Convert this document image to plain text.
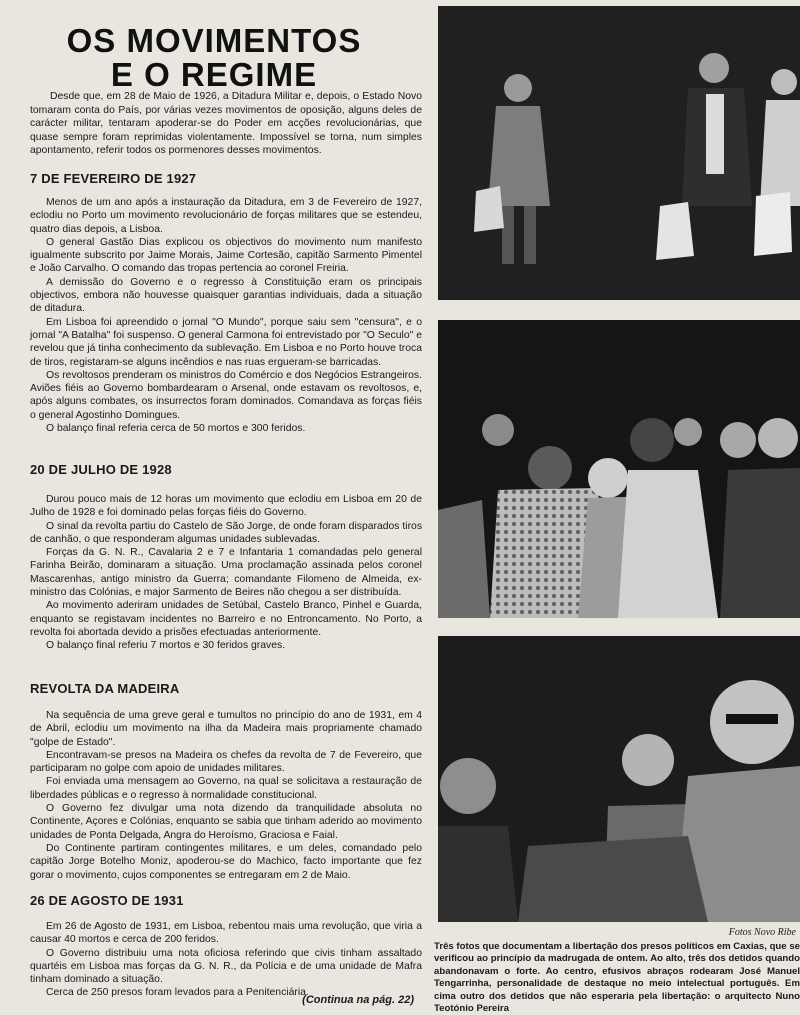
OS MOVIMENTOS
E O REGIME

Desde que, em 28 de Maio de 1926, a Ditadura Militar e, depois, o Estado Novo tomaram conta do País, por várias vezes movimentos de oposição, alguns deles de carácter militar, tentaram apoderar-se do Poder em acções revolucionárias, que quase sempre foram reprimidas violentamente. Impossível se torna, num simples apontamento, referir todos os pormenores desses movimentos.

7 DE FEVEREIRO DE 1927

Menos de um ano após a instauração da Ditadura, em 3 de Fevereiro de 1927, eclodiu no Porto um movimento revolucionário de forças militares que se estendeu, quatro dias depois, a Lisboa.

O general Gastão Dias explicou os objectivos do movimento num manifesto igualmente subscrito por Jaime Morais, Jaime Cortesão, capitão Sarmento Pimentel e João Carvalho. O comando das tropas pertencia ao coronel Freiria.

A demissão do Governo e o regresso à Constituição eram os principais objectivos, embora não houvesse quaisquer garantias individuais, dada a situação de ditadura.

Em Lisboa foi apreendido o jornal "O Mundo", porque saiu sem "censura", e o jornal "A Batalha" foi suspenso. O general Carmona foi entrevistado por "O Seculo" e revelou que já tinha conhecimento da sublevação. Em Lisboa e no Porto houve troca de tiros, registaram-se alguns incêndios e nas ruas ergueram-se barricadas.

Os revoltosos prenderam os ministros do Comércio e dos Negócios Estrangeiros. Aviões fiéis ao Governo bombardearam o Arsenal, onde estavam os revoltosos, e, após alguns combates, os insurrectos foram dominados. Comandava as forças fiéis o general Agostinho Domingues.

O balanço final referia cerca de 50 mortos e 300 feridos.

20 DE JULHO DE 1928

Durou pouco mais de 12 horas um movimento que eclodiu em Lisboa em 20 de Julho de 1928 e foi dominado pelas forças fiéis do Governo.

O sinal da revolta partiu do Castelo de São Jorge, de onde foram disparados tiros de canhão, o que responderam algumas unidades sublevadas.

Forças da G. N. R., Cavalaria 2 e 7 e Infantaria 1 comandadas pelo general Farinha Beirão, dominaram a situação. Uma proclamação assinada pelos coronel Mascarenhas, antigo ministro da Guerra; comandante Filomeno de Almeida, ex-ministro das Colónias, e major Sarmento de Beires não chegou a ser distribuída.

Ao movimento aderiram unidades de Setúbal, Castelo Branco, Pinhel e Guarda, enquanto se registavam incidentes no Barreiro e no Entroncamento. No Porto, a revolta foi abortada devido a prisões efectuadas anteriormente.

O balanço final referiu 7 mortos e 30 feridos graves.

REVOLTA DA MADEIRA

Na sequência de uma greve geral e tumultos no princípio do ano de 1931, em 4 de Abril, eclodiu um movimento na ilha da Madeira mais propriamente chamado "golpe de Estado".

Encontravam-se presos na Madeira os chefes da revolta de 7 de Fevereiro, que participaram no golpe com apoio de unidades militares.

Foi enviada uma mensagem ao Governo, na qual se solicitava a restauração de liberdades públicas e o regresso à normalidade constitucional.

O Governo fez divulgar uma nota dizendo da tranquilidade absoluta no Continente, Açores e Colónias, enquanto se sabia que tinham aderido ao movimento unidades de Ponta Delgada, Angra do Heroísmo, Graciosa e Faial.

Do Continente partiram contingentes militares, e um deles, comandado pelo capitão Jorge Botelho Moniz, apoderou-se do Machico, facto importante que fez gorar o movimento, cujos componentes se entregaram em 2 de Maio.

26 DE AGOSTO DE 1931

Em 26 de Agosto de 1931, em Lisboa, rebentou mais uma revolução, que viria a causar 40 mortos e cerca de 200 feridos.

O Governo distribuiu uma nota oficiosa referindo que civis tinham assaltado quartéis em Lisboa mas forças da G. N. R., da Polícia e de uma unidade de Mafra tinham dominado a situação.

Cerca de 250 presos foram levados para a Penitenciária.

(Continua na pág. 22)

Fotos Novo Ribe

Três fotos que documentam a libertação dos presos políticos em Caxias, que se verificou ao princípio da madrugada de ontem. Ao alto, três dos detidos quando abandonavam o forte. Ao centro, efusivos abraços rodearam José Manuel Tengarrinha, personalidade de destaque no meio intelectual português. Em cima outro dos detidos que não esperaria pela libertação: o arquitecto Nuno Teotónio Pereira
